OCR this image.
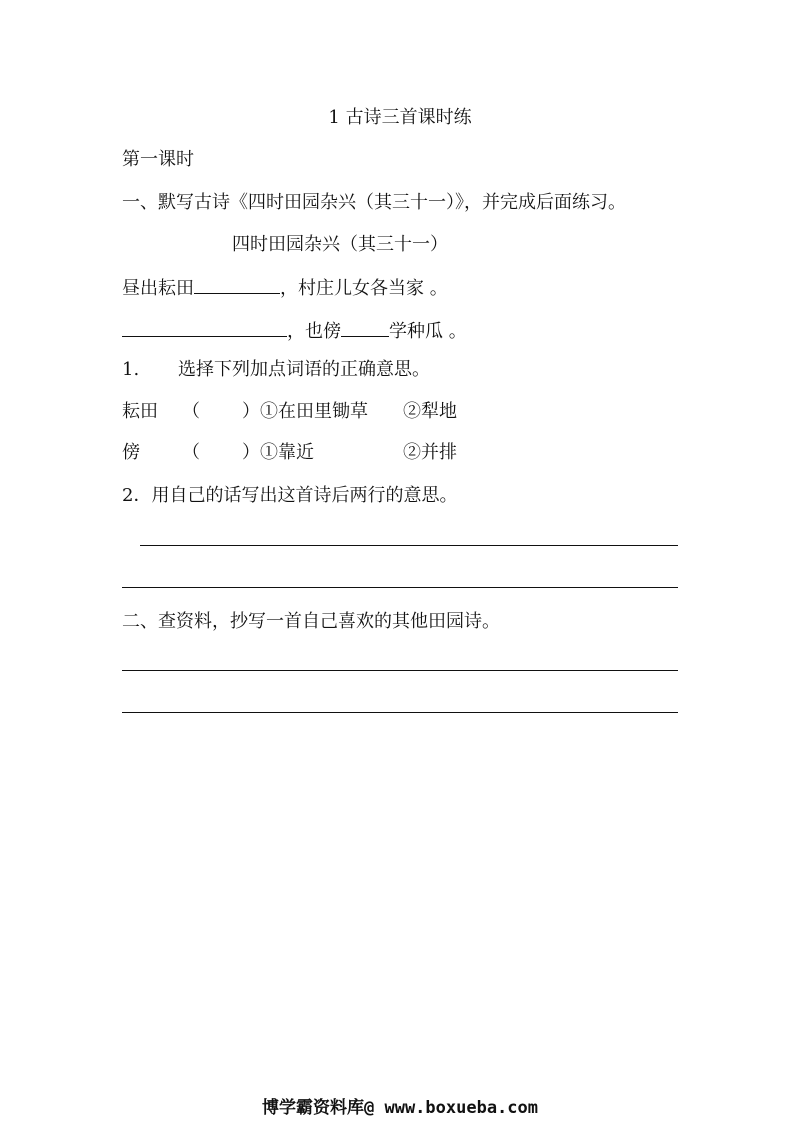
1 古诗三首课时练
第一课时
一、默写古诗《四时田园杂兴（其三十一）》，并完成后面练习。
四时田园杂兴（其三十一）
昼出耘田	，村庄儿女各当家 。
，也傍	学种瓜 。
1. 选择下列加点词语的正确意思。
耘田 （ ） ①在田里锄草 ②犁地
傍 （ ） ①靠近	②并排
2．用自己的话写出这首诗后两行的意思。
二、查资料，抄写一首自己喜欢的其他田园诗。
博学霸资料库@ www.boxueba.com
